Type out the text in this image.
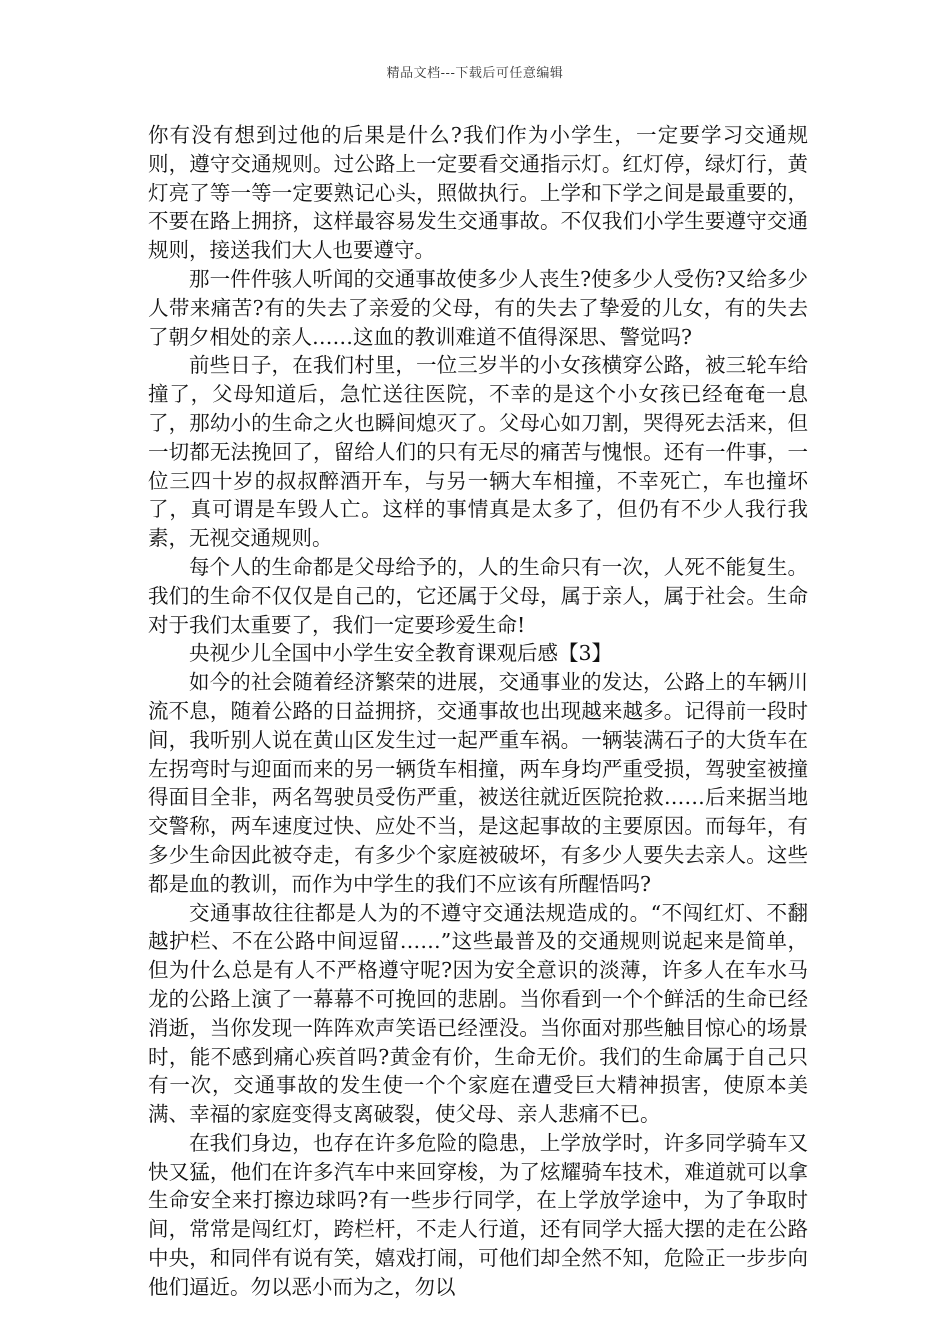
精品文档---下载后可任意编辑

你有没有想到过他的后果是什么?我们作为小学生，一定要学习交通规则，遵守交通规则。过公路上一定要看交通指示灯。红灯停，绿灯行，黄灯亮了等一等一定要熟记心头，照做执行。上学和下学之间是最重要的，不要在路上拥挤，这样最容易发生交通事故。不仅我们小学生要遵守交通规则，接送我们大人也要遵守。

那一件件骇人听闻的交通事故使多少人丧生?使多少人受伤?又给多少人带来痛苦?有的失去了亲爱的父母，有的失去了挚爱的儿女，有的失去了朝夕相处的亲人……这血的教训难道不值得深思、警觉吗?

前些日子，在我们村里，一位三岁半的小女孩横穿公路，被三轮车给撞了，父母知道后，急忙送往医院，不幸的是这个小女孩已经奄奄一息了，那幼小的生命之火也瞬间熄灭了。父母心如刀割，哭得死去活来，但一切都无法挽回了，留给人们的只有无尽的痛苦与愧恨。还有一件事，一位三四十岁的叔叔醉酒开车，与另一辆大车相撞，不幸死亡，车也撞坏了，真可谓是车毁人亡。这样的事情真是太多了，但仍有不少人我行我素，无视交通规则。

每个人的生命都是父母给予的，人的生命只有一次，人死不能复生。我们的生命不仅仅是自己的，它还属于父母，属于亲人，属于社会。生命对于我们太重要了，我们一定要珍爱生命!

央视少儿全国中小学生安全教育课观后感【3】

如今的社会随着经济繁荣的进展，交通事业的发达，公路上的车辆川流不息，随着公路的日益拥挤，交通事故也出现越来越多。记得前一段时间，我听别人说在黄山区发生过一起严重车祸。一辆装满石子的大货车在左拐弯时与迎面而来的另一辆货车相撞，两车身均严重受损，驾驶室被撞得面目全非，两名驾驶员受伤严重，被送往就近医院抢救……后来据当地交警称，两车速度过快、应处不当，是这起事故的主要原因。而每年，有多少生命因此被夺走，有多少个家庭被破坏，有多少人要失去亲人。这些都是血的教训，而作为中学生的我们不应该有所醒悟吗?

交通事故往往都是人为的不遵守交通法规造成的。“不闯红灯、不翻越护栏、不在公路中间逗留……”这些最普及的交通规则说起来是简单，但为什么总是有人不严格遵守呢?因为安全意识的淡薄，许多人在车水马龙的公路上演了一幕幕不可挽回的悲剧。当你看到一个个鲜活的生命已经消逝，当你发现一阵阵欢声笑语已经湮没。当你面对那些触目惊心的场景时，能不感到痛心疾首吗?黄金有价，生命无价。我们的生命属于自己只有一次，交通事故的发生使一个个家庭在遭受巨大精神损害，使原本美满、幸福的家庭变得支离破裂，使父母、亲人悲痛不已。

在我们身边，也存在许多危险的隐患，上学放学时，许多同学骑车又快又猛，他们在许多汽车中来回穿梭，为了炫耀骑车技术，难道就可以拿生命安全来打擦边球吗?有一些步行同学，在上学放学途中，为了争取时间，常常是闯红灯，跨栏杆，不走人行道，还有同学大摇大摆的走在公路中央，和同伴有说有笑，嬉戏打闹，可他们却全然不知，危险正一步步向他们逼近。勿以恶小而为之，勿以
